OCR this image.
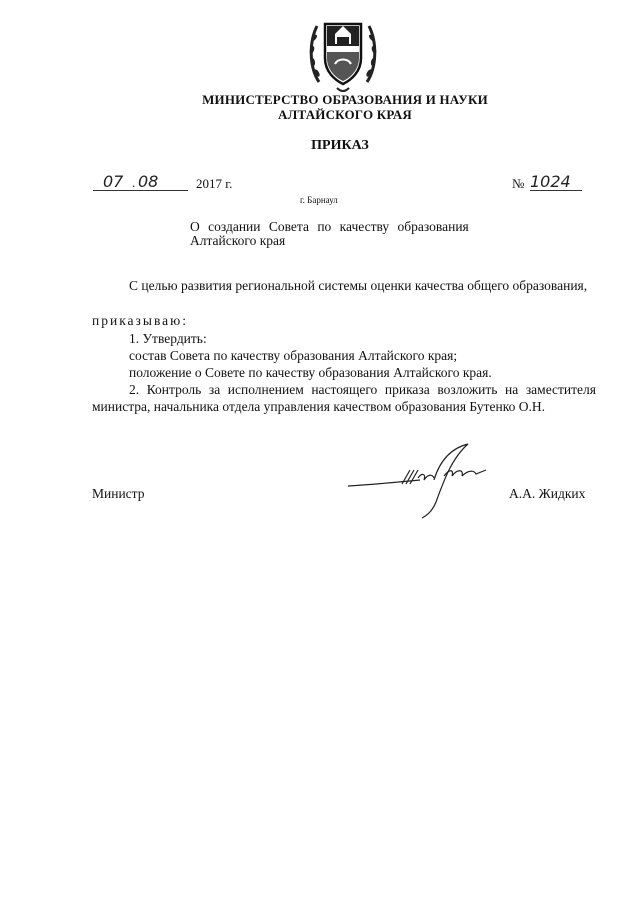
МИНИСТЕРСТВО ОБРАЗОВАНИЯ И НАУКИ
АЛТАЙСКОГО КРАЯ
ПРИКАЗ
07 . 08	2017 г.	№ 1024
г. Барнаул
О создании Совета по качеству образования
Алтайского края
С целью развития региональной системы оценки качества общего образования,
приказываю:
1. Утвердить:
состав Совета по качеству образования Алтайского края;
положение о Совете по качеству образования Алтайского края.
2. Контроль за исполнением настоящего приказа возложить на заместителя министра, начальника отдела управления качеством образования Бутенко О.Н.
Министр	А.А. Жидких
